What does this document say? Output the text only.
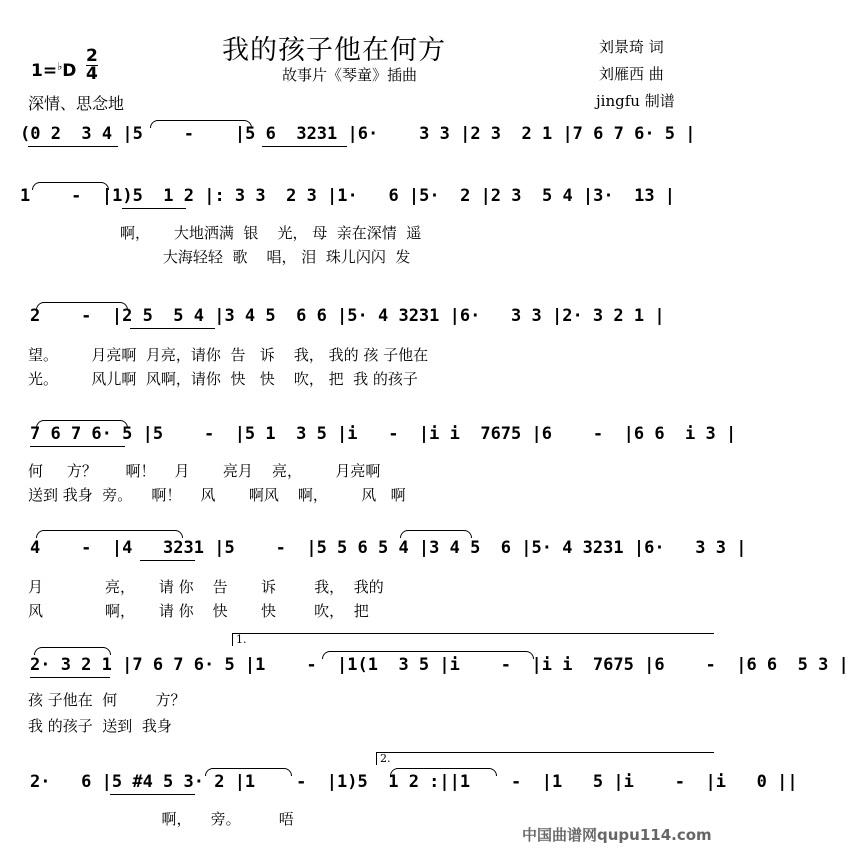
我的孩子他在何方
故事片《琴童》插曲
刘景琦 词
刘雁西 曲
jingfu 制谱
1=♭D
2
4
深情、思念地
(0 2  3 4 |5    -    |5 6  3231 |6·    3 3 |2 3  2 1 |7 6 7 6· 5 |
1    -  |1)5  1 2 |: 3 3  2 3 |1·   6 |5·  2 |2 3  5 4 |3·  13 |
啊，     大地洒满  银    光， 母  亲在深情  遥
大海轻轻  歌    唱， 泪  珠儿闪闪  发
2    -  |2 5  5 4 |3 4 5  6 6 |5· 4 3231 |6·   3 3 |2· 3 2 1 |
望。       月亮啊  月亮，请你  告   诉    我， 我的 孩 子他在
光。       风儿啊  风啊，请你  快   快    吹， 把  我 的孩子
7 6 7 6· 5 |5    -  |5 1  3 5 |i   -  |i i  7675 |6    -  |6 6  i 3 |
何     方？      啊！    月       亮月    亮，       月亮啊
送到 我身  旁。    啊！    风       啊风    啊，       风   啊
4    -  |4   3231 |5    -  |5 5 6 5 4 |3 4 5  6 |5· 4 3231 |6·   3 3 |
月             亮，     请 你    告       诉        我，  我的
风             啊，     请 你    快       快        吹，  把
1.
2· 3 2 1 |7 6 7 6· 5 |1    -  |1(1  3 5 |i    -  |i i  7675 |6    -  |6 6  5 3 |
孩 子他在  何        方？
我 的孩子  送到  我身
2.
2·   6 |5 #4 5 3· 2 |1    -  |1)5  1 2 :||1    -  |1   5 |i    -  |i   0 ||
啊，    旁。        唔
中国曲谱网qupu114.com
